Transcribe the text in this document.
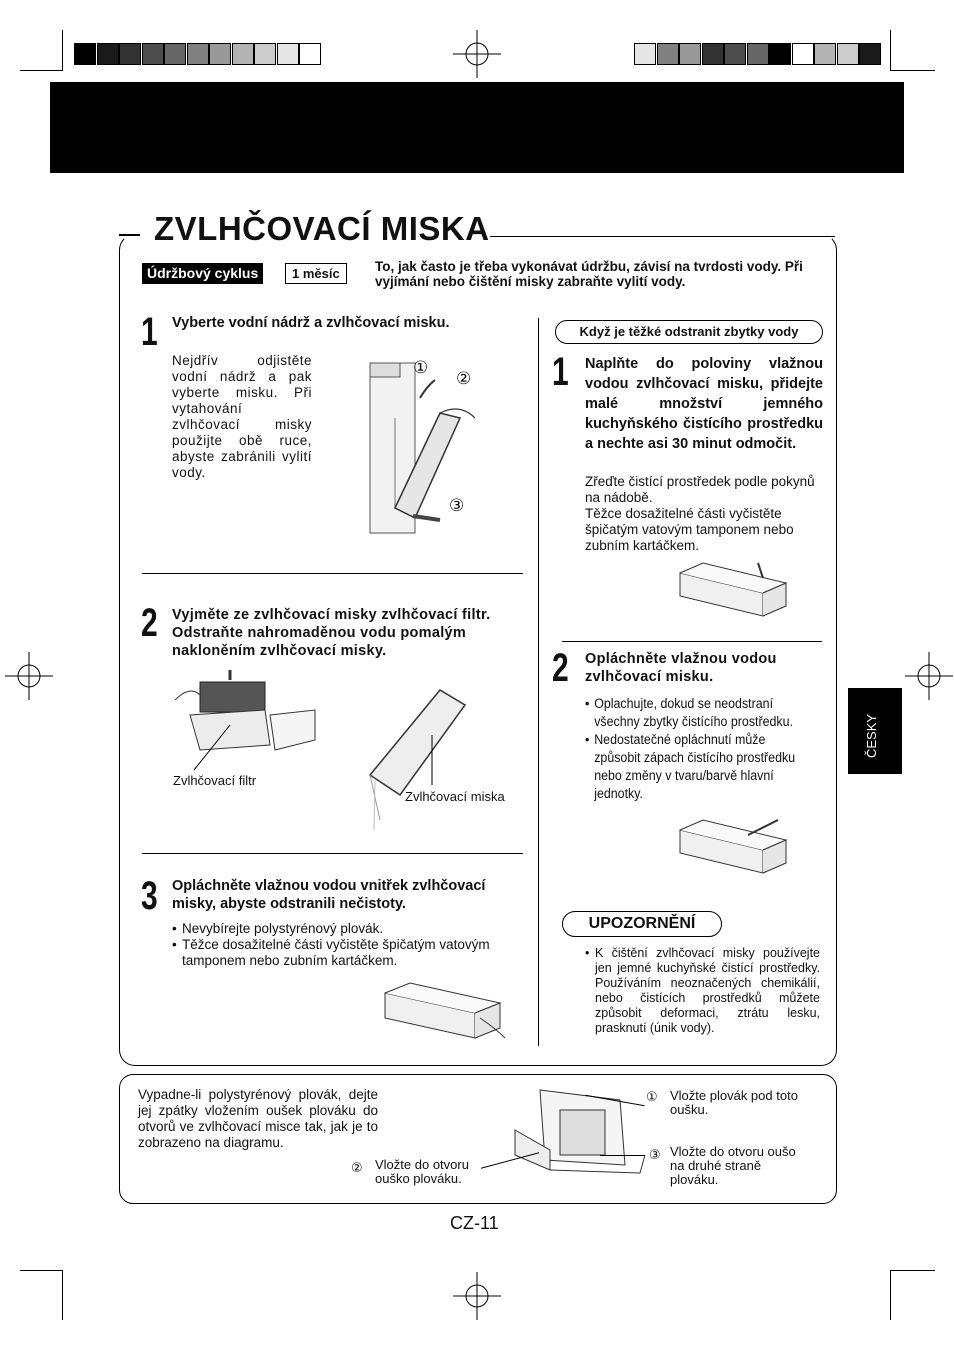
ZVLHČOVACÍ MISKA
Údržbový cyklus	1 měsíc	To, jak často je třeba vykonávat údržbu, závisí na tvrdosti vody. Při vyjímání nebo čištění misky zabraňte vylití vody.
1 Vyberte vodní nádrž a zvlhčovací misku.
Nejdřív odjistěte vodní nádrž a pak vyberte misku. Při vytahování zvlhčovací misky použijte obě ruce, abyste zabránili vylití vody.
①
②
③
2 Vyjměte ze zvlhčovací misky zvlhčovací filtr. Odstraňte nahromaděnou vodu pomalým nakloněním zvlhčovací misky.
Zvlhčovací filtr
Zvlhčovací miska
3 Opláchněte vlažnou vodou vnitřek zvlhčovací misky, abyste odstranili nečistoty.
• Nevybírejte polystyrénový plovák.
• Těžce dosažitelné části vyčistěte špičatým vatovým tamponem nebo zubním kartáčkem.
Když je těžké odstranit zbytky vody
1 Naplňte do poloviny vlažnou vodou zvlhčovací misku, přidejte malé množství jemného kuchyňského čistícího prostředku a nechte asi 30 minut odmočit.
Zřeďte čistící prostředek podle pokynů na nádobě.
Těžce dosažitelné části vyčistěte špičatým vatovým tamponem nebo zubním kartáčkem.
2 Opláchněte vlažnou vodou zvlhčovací misku.
• Oplachujte, dokud se neodstraní všechny zbytky čistícího prostředku.
• Nedostatečné opláchnutí může způsobit zápach čistícího prostředku nebo změny v tvaru/barvě hlavní jednotky.
UPOZORNĚNÍ
• K čištění zvlhčovací misky používejte jen jemné kuchyňské čistící prostředky. Používáním neoznačených chemikálií, nebo čistících prostředků můžete způsobit deformaci, ztrátu lesku, prasknutí (únik vody).
ČESKY
Vypadne-li polystyrénový plovák, dejte jej zpátky vložením oušek plováku do otvorů ve zvlhčovací misce tak, jak je to zobrazeno na diagramu.
① Vložte plovák pod toto oušku.
② Vložte do otvoru ouško plováku.
③ Vložte do otvoru oušo na druhé straně plováku.
CZ-11
